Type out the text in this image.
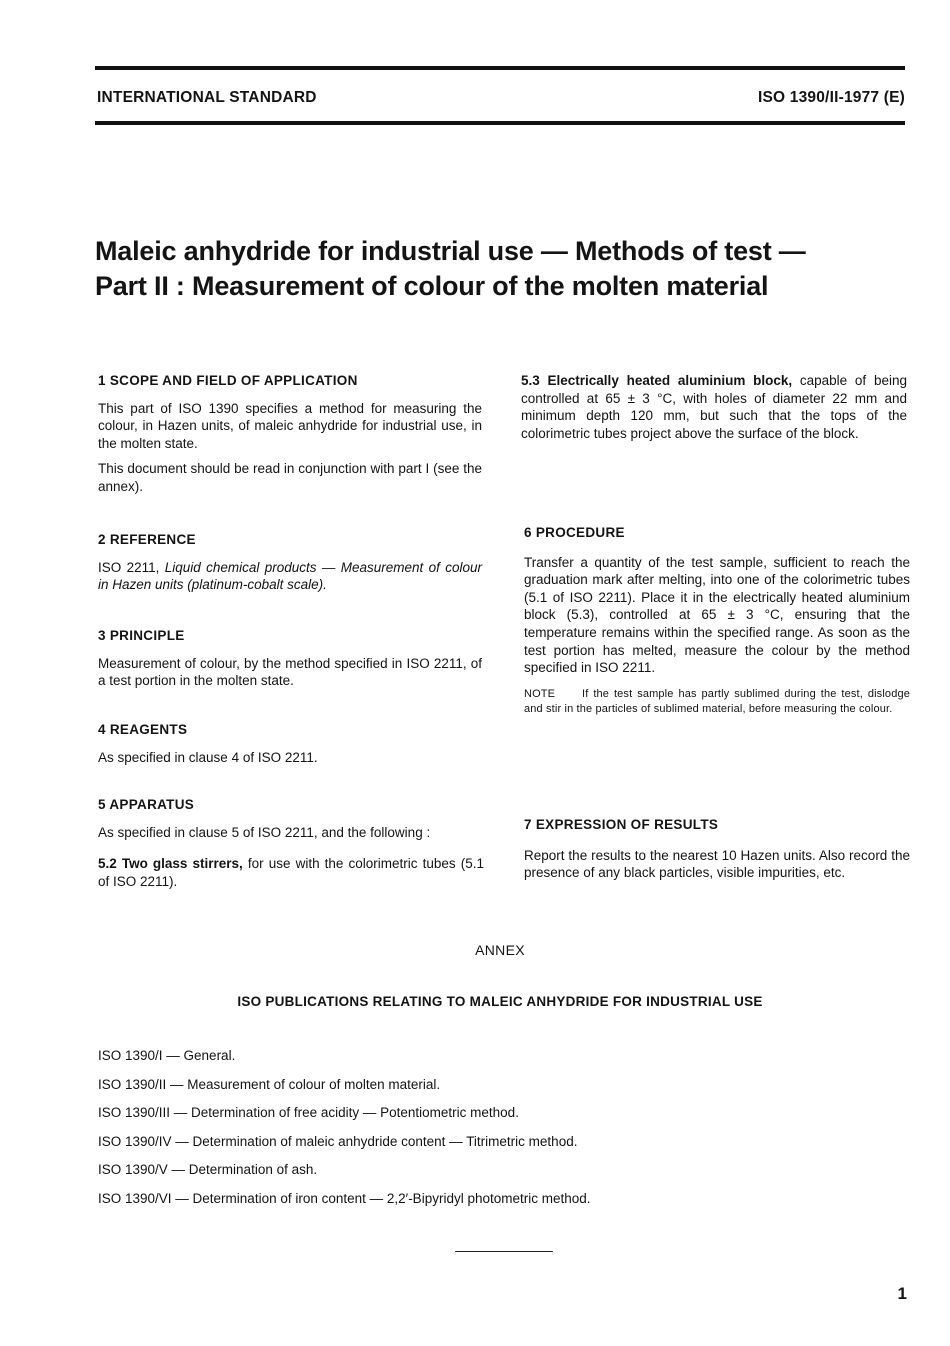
INTERNATIONAL STANDARD	ISO 1390/II-1977 (E)
Maleic anhydride for industrial use — Methods of test —
Part II : Measurement of colour of the molten material
1 SCOPE AND FIELD OF APPLICATION

This part of ISO 1390 specifies a method for measuring the colour, in Hazen units, of maleic anhydride for industrial use, in the molten state.

This document should be read in conjunction with part I (see the annex).

2 REFERENCE

ISO 2211, Liquid chemical products — Measurement of colour in Hazen units (platinum-cobalt scale).

3 PRINCIPLE

Measurement of colour, by the method specified in ISO 2211, of a test portion in the molten state.

4 REAGENTS

As specified in clause 4 of ISO 2211.

5 APPARATUS

As specified in clause 5 of ISO 2211, and the following :

5.2 Two glass stirrers, for use with the colorimetric tubes (5.1 of ISO 2211).

5.3 Electrically heated aluminium block, capable of being controlled at 65 ± 3 °C, with holes of diameter 22 mm and minimum depth 120 mm, but such that the tops of the colorimetric tubes project above the surface of the block.

6 PROCEDURE

Transfer a quantity of the test sample, sufficient to reach the graduation mark after melting, into one of the colorimetric tubes (5.1 of ISO 2211). Place it in the electrically heated aluminium block (5.3), controlled at 65 ± 3 °C, ensuring that the temperature remains within the specified range. As soon as the test portion has melted, measure the colour by the method specified in ISO 2211.

NOTE If the test sample has partly sublimed during the test, dislodge and stir in the particles of sublimed material, before measuring the colour.

7 EXPRESSION OF RESULTS

Report the results to the nearest 10 Hazen units. Also record the presence of any black particles, visible impurities, etc.

ANNEX
ISO PUBLICATIONS RELATING TO MALEIC ANHYDRIDE FOR INDUSTRIAL USE
ISO 1390/I — General.
ISO 1390/II — Measurement of colour of molten material.
ISO 1390/III — Determination of free acidity — Potentiometric method.
ISO 1390/IV — Determination of maleic anhydride content — Titrimetric method.
ISO 1390/V — Determination of ash.
ISO 1390/VI — Determination of iron content — 2,2′-Bipyridyl photometric method.
1
